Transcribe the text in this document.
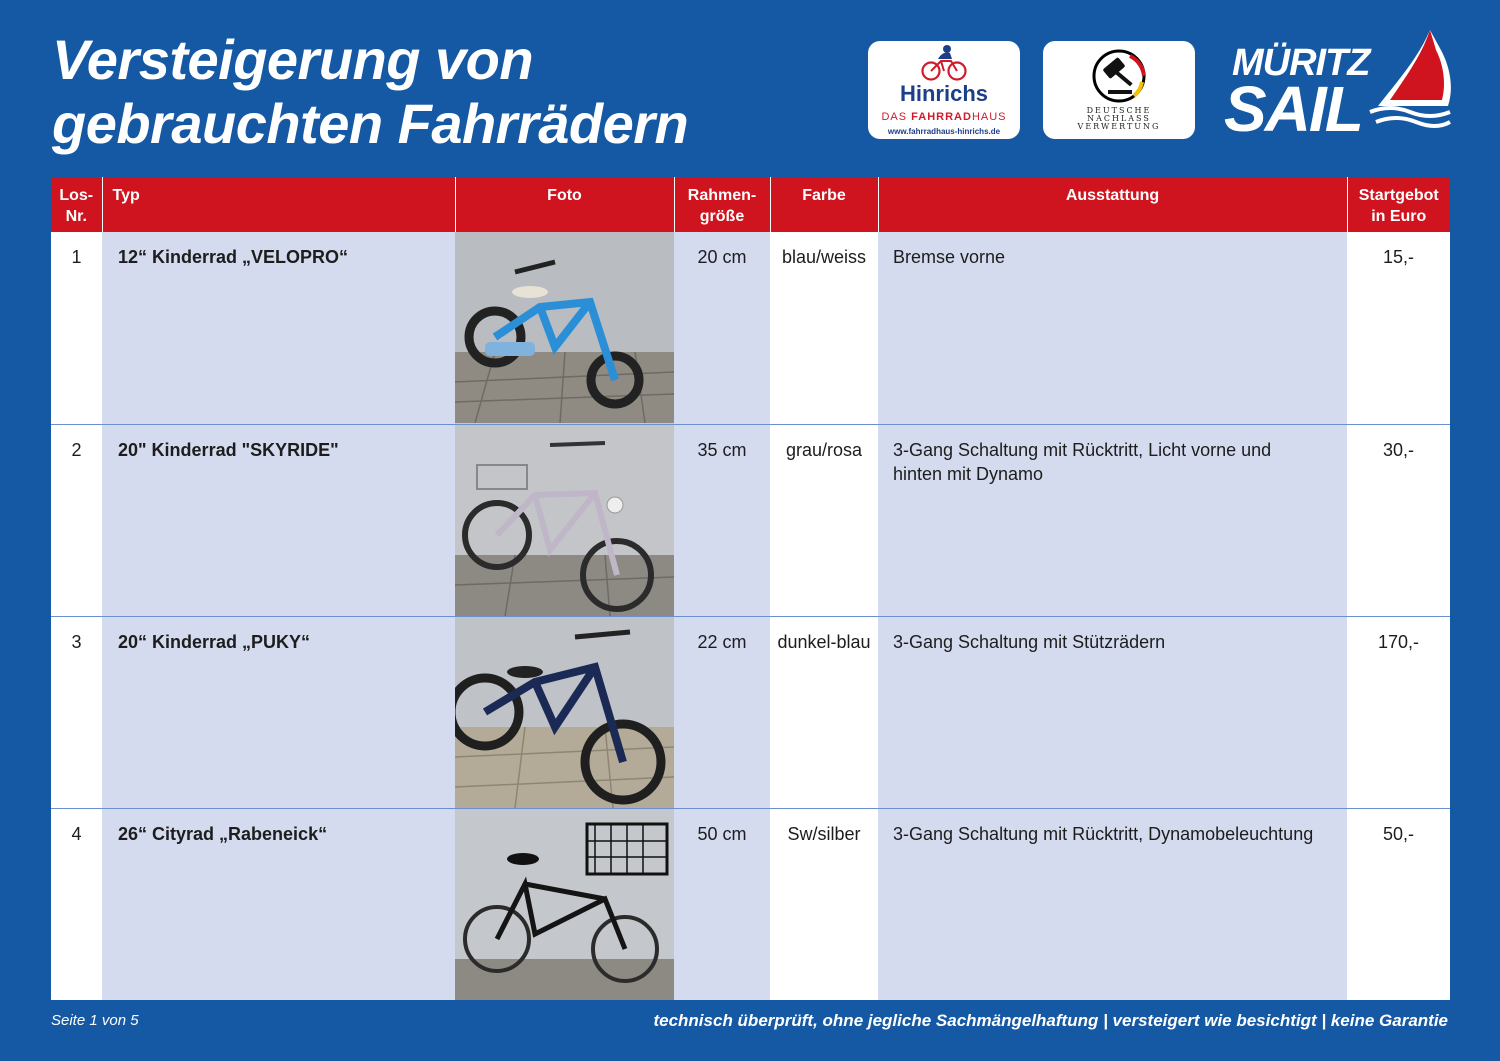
Versteigerung von
gebrauchten Fahrrädern	Hinrichs
DAS FAHRRADHAUS
www.fahrradhaus-hinrichs.de
DEUTSCHE
NACHLASS
VERWERTUNG
MÜRITZ
SAIL
Los-Nr.	Typ	Foto	Rahmen-größe	Farbe	Ausstattung	Startgebot in Euro
1	12“ Kinderrad „VELOPRO“		20 cm	blau/weiss	Bremse vorne	15,-
2	20" Kinderrad "SKYRIDE"		35 cm	grau/rosa	3-Gang Schaltung mit Rücktritt, Licht vorne und hinten mit Dynamo	30,-
3	20“ Kinderrad „PUKY“		22 cm	dunkel-blau	3-Gang Schaltung mit Stützrädern	170,-
4	26“ Cityrad „Rabeneick“		50 cm	Sw/silber	3-Gang Schaltung mit Rücktritt, Dynamobeleuchtung	50,-
Seite 1 von 5	technisch überprüft, ohne jegliche Sachmängelhaftung | versteigert wie besichtigt | keine Garantie
